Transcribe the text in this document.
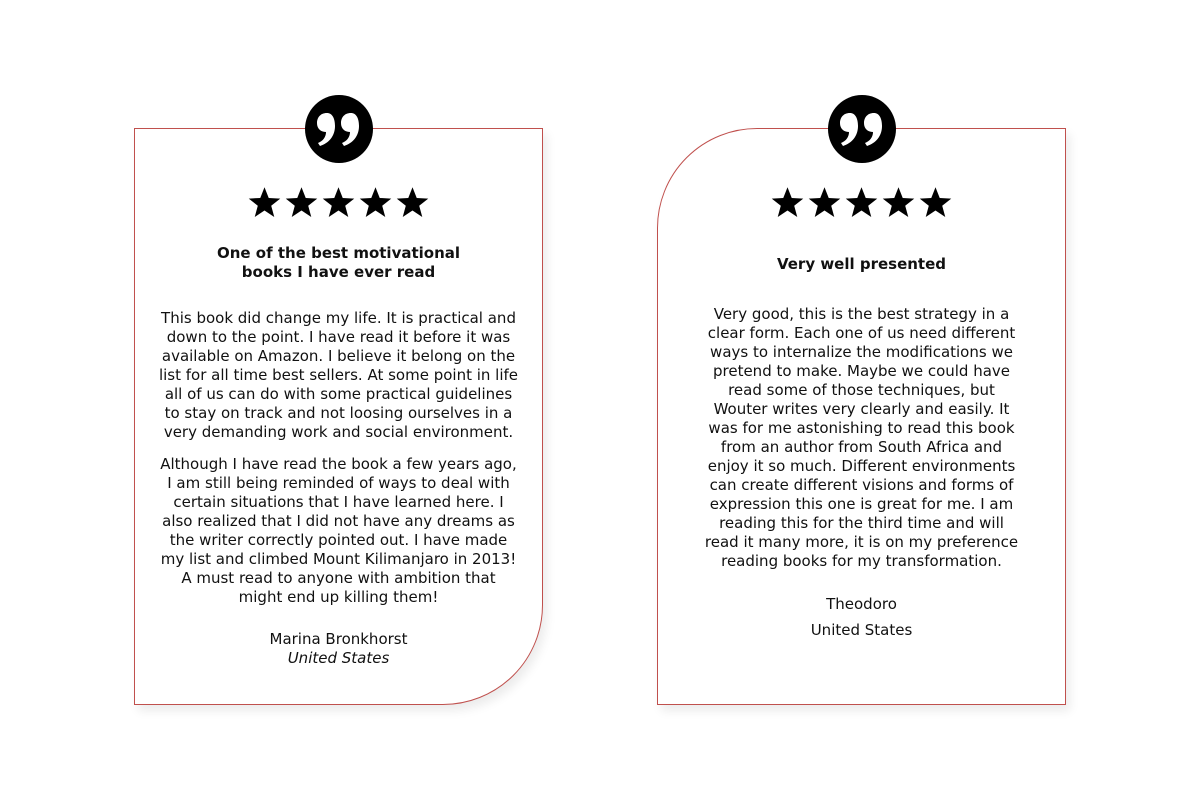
One of the best motivational
books I have ever read

This book did change my life. It is practical and
down to the point. I have read it before it was
available on Amazon. I believe it belong on the
list for all time best sellers. At some point in life
all of us can do with some practical guidelines
to stay on track and not loosing ourselves in a
very demanding work and social environment.

Although I have read the book a few years ago,
I am still being reminded of ways to deal with
certain situations that I have learned here. I
also realized that I did not have any dreams as
the writer correctly pointed out. I have made
my list and climbed Mount Kilimanjaro in 2013!
A must read to anyone with ambition that
might end up killing them!

Marina Bronkhorst

United States

Very well presented

Very good, this is the best strategy in a
clear form. Each one of us need different
ways to internalize the modifications we
pretend to make. Maybe we could have
read some of those techniques, but
Wouter writes very clearly and easily. It
was for me astonishing to read this book
from an author from South Africa and
enjoy it so much. Different environments
can create different visions and forms of
expression this one is great for me. I am
reading this for the third time and will
read it many more, it is on my preference
reading books for my transformation.

Theodoro

United States
